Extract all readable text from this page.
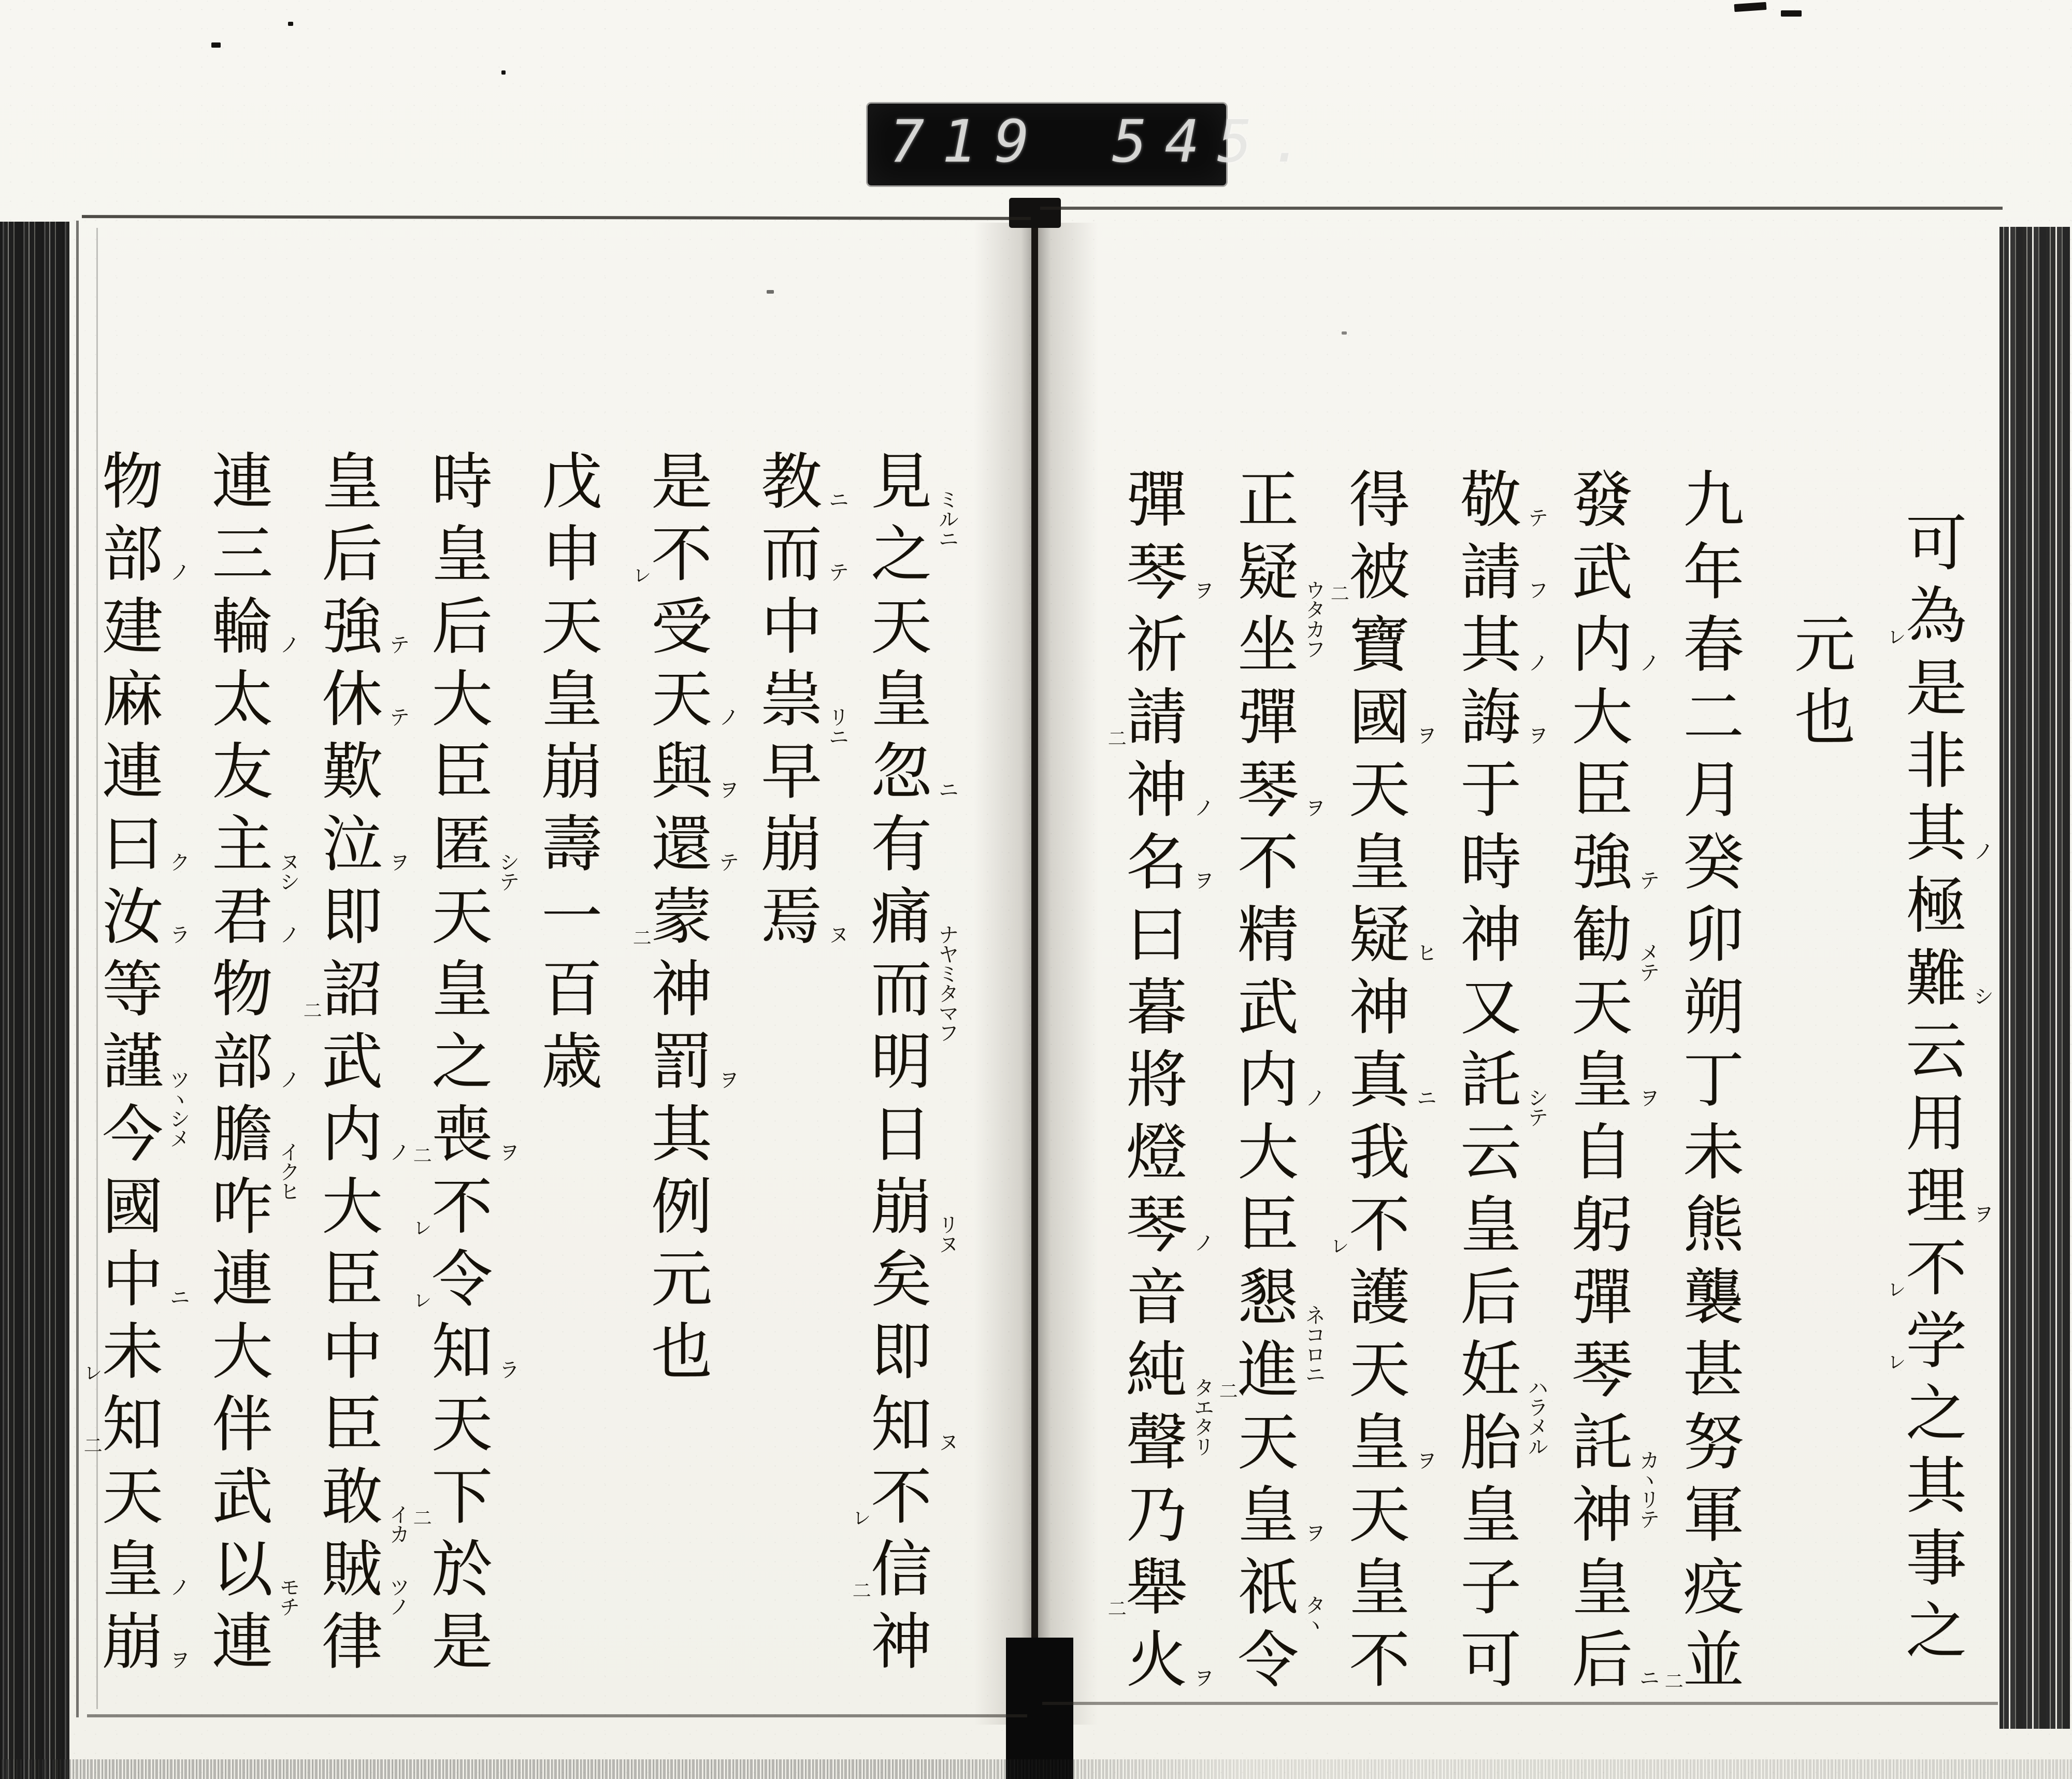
719 545.
可
為
レ
是
非
其 ノ
極
難 シ
云
用
理 ヲ
不
レ
学
レ
之
其
事
之
元
也
九
年
春
二
月
癸
卯
朔
丁
未
熊
襲
甚
努
軍
疫
並
二
發
武
内 ノ
大
臣
強 テ
勧 メテ
天
皇 ヲ
自
躬
彈
琴
託
カヽリテ
神
皇
后 ニ
敬 テ
請 フ
其 ノ
誨 ヲ
于
時
神
又
託 シテ
云
皇
后
妊
ハラメル
胎
皇
子
可
得
被
二
寶
國 ヲ
天
皇
疑 ヒ
神
真 ニ
我
不
レ
護
天
皇 ヲ
天
皇
不
正
疑
ウタカフ
坐
彈
琴 ヲ
不
精
武
内 ノ
大
臣
懇
ネコロニ
進
二
天
皇 ヲ
祇 タヽ
令
彈
琴 ヲ
祈
請
二
神 ノ
名 ヲ
曰
暮
將
燈
琴 ノ
音
純
タエタリ
聲
乃
舉
二
火 ヲ
見
ミルニ
之
天
皇
忽 ニ
有
痛
ナヤミタマフ
而
明
日
崩 リヌ
矣
即
知 ヌ
不
レ
信
二
神
教 ニ
而 テ
中
祟 リニ
早
崩
焉 ヌ
是
不
レ
受
天 ノ
與 ヲ
還 テ
蒙
二
神
罰 ヲ
其
例
元
也
戊
申
天
皇
崩
壽
一
百
歳
時
皇
后
大
臣
匿 シテ
天
皇
之
喪 ヲ
二
不
レ
令
レ
知 ラ
天
下
二
於
是
皇
后
強 テ
休 テ
歎
泣 ヲ
即
詔
二
武
内 ノ
大
臣
中
臣
敢 イカ
賊 ツノ
律
連
三
輪 ノ
太
友
主 ヌシ
君 ノ
物
部 ノ
膽
イクヒ
咋
連
大
伴
武
以 モチ
連
物
部 ノ
建
麻
連
曰 ク
汝 ラ
等
謹
ツヽシメ
今
國
中 ニ
未
レ
知
二
天
皇 ノ
崩 ヲ
